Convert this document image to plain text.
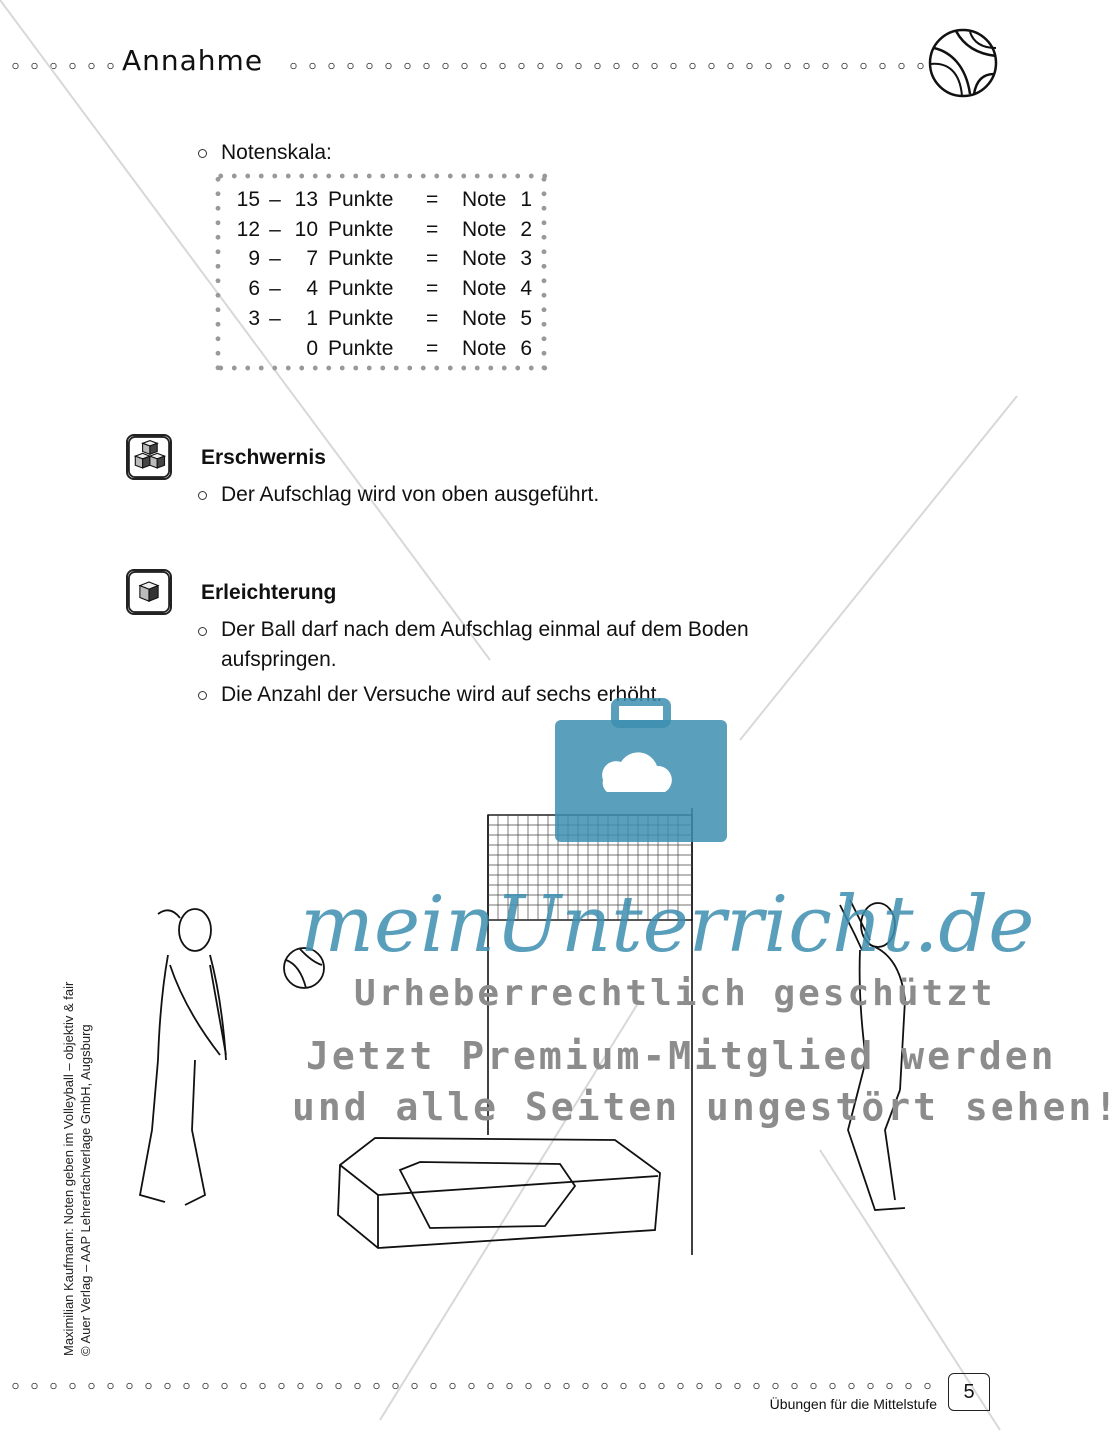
Annahme
Notenskala:
15	–	13	Punkte	=	Note	1
12	–	10	Punkte	=	Note	2
9	–	7	Punkte	=	Note	3
6	–	4	Punkte	=	Note	4
3	–	1	Punkte	=	Note	5
		0	Punkte	=	Note	6
Erschwernis
Der Aufschlag wird von oben ausgeführt.
Erleichterung
Der Ball darf nach dem Aufschlag einmal auf dem Boden aufspringen.
Die Anzahl der Versuche wird auf sechs erhöht.
meinUnterricht.de
Urheberrechtlich geschützt
Jetzt Premium-Mitglied werden
und alle Seiten ungestört sehen!
Maximilian Kaufmann: Noten geben im Volleyball – objektiv & fair © Auer Verlag – AAP Lehrerfachverlage GmbH, Augsburg
Übungen für die Mittelstufe
5
